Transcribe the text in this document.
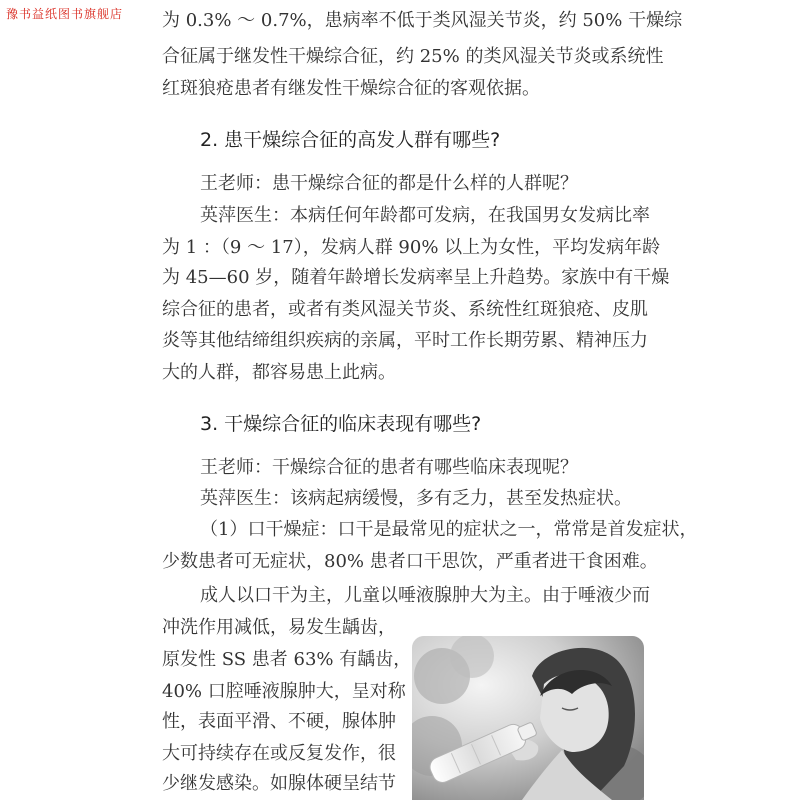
豫书益纸图书旗舰店 为 0.3% ～ 0.7%，患病率不低于类风湿关节炎，约 50% 干燥综
合征属于继发性干燥综合征，约 25% 的类风湿关节炎或系统性
红斑狼疮患者有继发性干燥综合征的客观依据。
2. 患干燥综合征的高发人群有哪些?
王老师：患干燥综合征的都是什么样的人群呢？
英萍医生：本病任何年龄都可发病，在我国男女发病比率
为 1 ：（9 ～ 17），发病人群 90% 以上为女性，平均发病年龄
为 45—60 岁，随着年龄增长发病率呈上升趋势。家族中有干燥
综合征的患者，或者有类风湿关节炎、系统性红斑狼疮、皮肌
炎等其他结缔组织疾病的亲属，平时工作长期劳累、精神压力
大的人群，都容易患上此病。
3. 干燥综合征的临床表现有哪些?
王老师：干燥综合征的患者有哪些临床表现呢？
英萍医生：该病起病缓慢，多有乏力，甚至发热症状。
（1）口干燥症：口干是最常见的症状之一，常常是首发症状，
少数患者可无症状，80% 患者口干思饮，严重者进干食困难。
成人以口干为主，儿童以唾液腺肿大为主。由于唾液少而
冲洗作用减低，易发生龋齿，
原发性 SS 患者 63% 有龋齿，
40% 口腔唾液腺肿大，呈对称
性，表面平滑、不硬，腺体肿
大可持续存在或反复发作，很
少继发感染。如腺体硬呈结节
